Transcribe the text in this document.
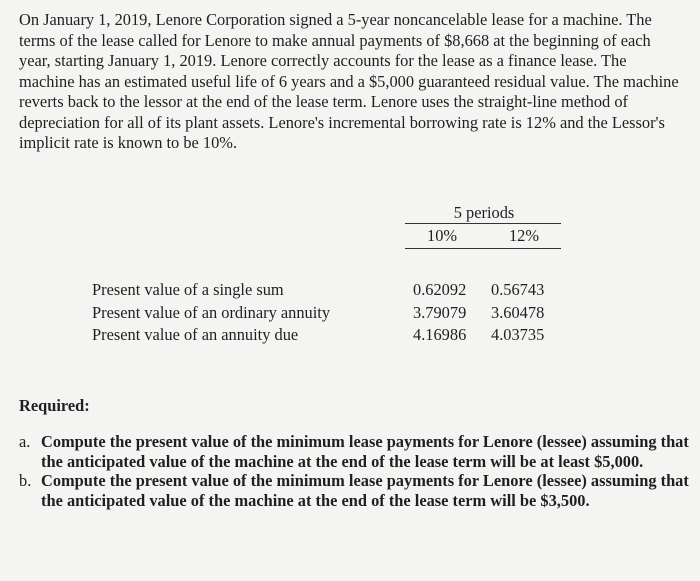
On January 1, 2019, Lenore Corporation signed a 5-year noncancelable lease for a machine. The terms of the lease called for Lenore to make annual payments of $8,668 at the beginning of each year, starting January 1, 2019. Lenore correctly accounts for the lease as a finance lease. The machine has an estimated useful life of 6 years and a $5,000 guaranteed residual value. The machine reverts back to the lessor at the end of the lease term. Lenore uses the straight-line method of depreciation for all of its plant assets. Lenore's incremental borrowing rate is 12% and the Lessor's implicit rate is known to be 10%.

5 periods
10%	12%
Present value of a single sum
Present value of an ordinary annuity
Present value of an annuity due
0.62092 0.56743
3.79079 3.60478
4.16986 4.03735
Required:
a. Compute the present value of the minimum lease payments for Lenore (lessee) assuming that the anticipated value of the machine at the end of the lease term will be at least $5,000.
b. Compute the present value of the minimum lease payments for Lenore (lessee) assuming that the anticipated value of the machine at the end of the lease term will be $3,500.
